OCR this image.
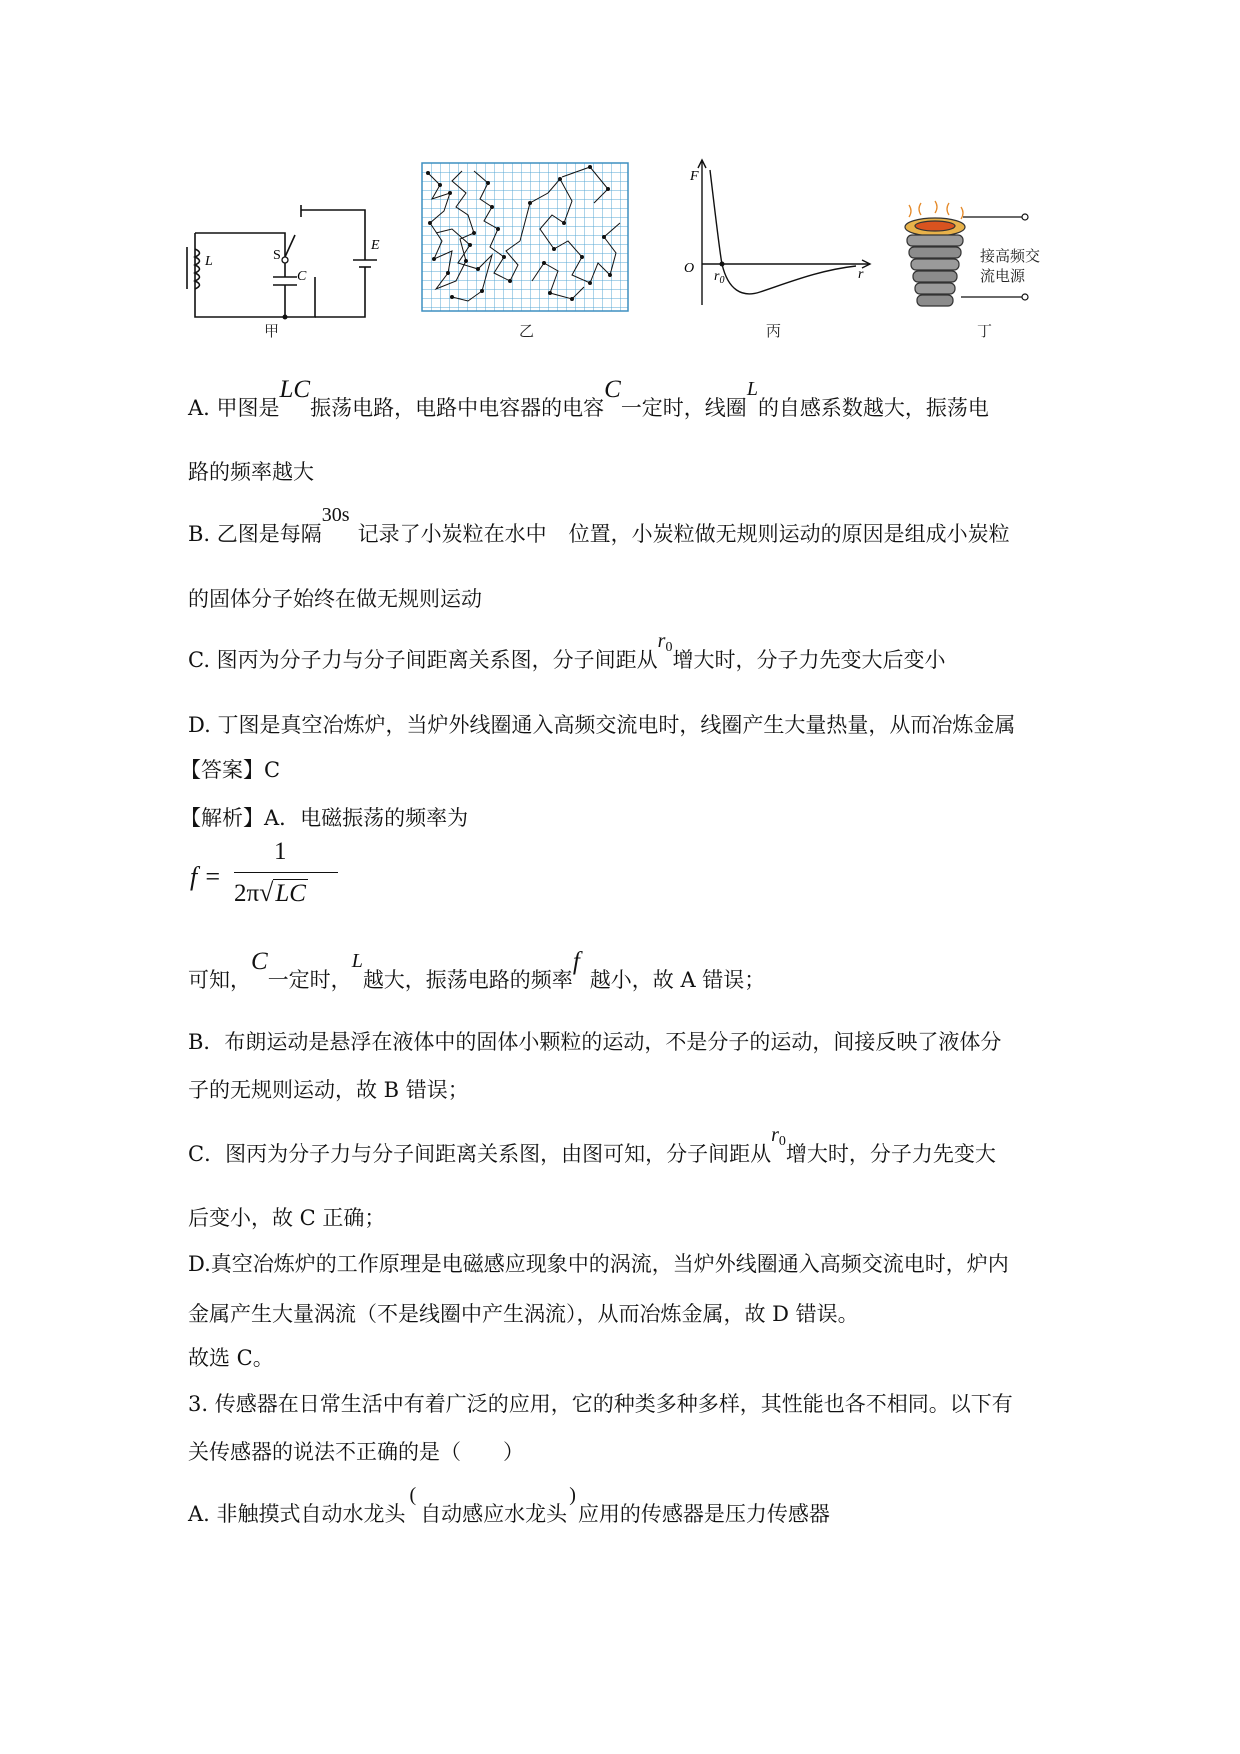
L	S
C
E
甲	乙
F
O
$r_0$	r
丙
接高频交
流电源
丁
A. 甲图是LC振荡电路，电路中电容器的电容C一定时，线圈L的自感系数越大，振荡电
路的频率越大
B. 乙图是每隔30s记录了小炭粒在水中 位置，小炭粒做无规则运动的原因是组成小炭粒
的固体分子始终在做无规则运动
C. 图丙为分子力与分子间距离关系图，分子间距从$r_0$增大时，分子力先变大后变小
D. 丁图是真空冶炼炉，当炉外线圈通入高频交流电时，线圈产生大量热量，从而冶炼金属
【答案】C
【解析】A．电磁振荡的频率为
f =
1
2π√LC
可知，C一定时，L越大，振荡电路的频率f越小，故 A 错误；
B．布朗运动是悬浮在液体中的固体小颗粒的运动，不是分子的运动，间接反映了液体分
子的无规则运动，故 B 错误；
C．图丙为分子力与分子间距离关系图，由图可知，分子间距从$r_0$增大时，分子力先变大
后变小，故 C 正确；
D.真空冶炼炉的工作原理是电磁感应现象中的涡流，当炉外线圈通入高频交流电时，炉内
金属产生大量涡流（不是线圈中产生涡流），从而冶炼金属，故 D 错误。
故选 C。
3. 传感器在日常生活中有着广泛的应用，它的种类多种多样，其性能也各不相同。以下有
关传感器的说法不正确的是（　　）
A. 非触摸式自动水龙头(自动感应水龙头)应用的传感器是压力传感器
